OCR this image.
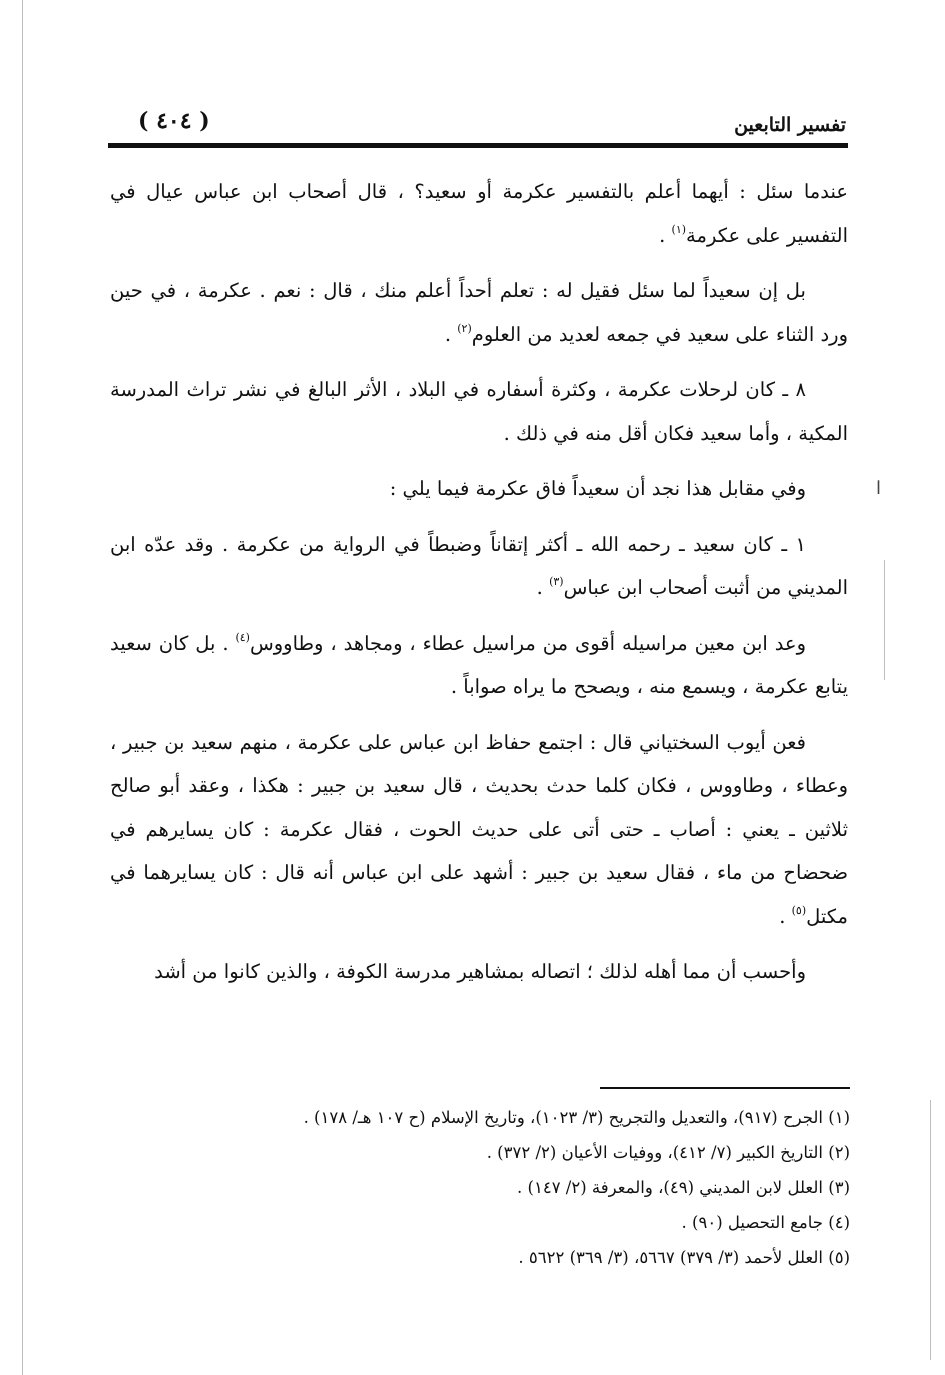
ا
تفسير التابعين
( ٤٠٤ )

عندما سئل : أيهما أعلم بالتفسير عكرمة أو سعيد؟ ، قال أصحاب ابن عباس عيال في التفسير على عكرمة$^{(١)}$ .

بل إن سعيداً لما سئل فقيل له : تعلم أحداً أعلم منك ، قال : نعم . عكرمة ، في حين ورد الثناء على سعيد في جمعه لعديد من العلوم$^{(٢)}$ .

٨ ـ كان لرحلات عكرمة ، وكثرة أسفاره في البلاد ، الأثر البالغ في نشر تراث المدرسة المكية ، وأما سعيد فكان أقل منه في ذلك .

وفي مقابل هذا نجد أن سعيداً فاق عكرمة فيما يلي :

١ ـ كان سعيد ـ رحمه الله ـ أكثر إتقاناً وضبطاً في الرواية من عكرمة . وقد عدّه ابن المديني من أثبت أصحاب ابن عباس$^{(٣)}$ .

وعد ابن معين مراسيله أقوى من مراسيل عطاء ، ومجاهد ، وطاووس$^{(٤)}$ . بل كان سعيد يتابع عكرمة ، ويسمع منه ، ويصحح ما يراه صواباً .

فعن أيوب السختياني قال : اجتمع حفاظ ابن عباس على عكرمة ، منهم سعيد بن جبير ، وعطاء ، وطاووس ، فكان كلما حدث بحديث ، قال سعيد بن جبير : هكذا ، وعقد أبو صالح ثلاثين ـ يعني : أصاب ـ حتى أتى على حديث الحوت ، فقال عكرمة : كان يسايرهم في ضحضاح من ماء ، فقال سعيد بن جبير : أشهد على ابن عباس أنه قال : كان يسايرهما في مكتل$^{(٥)}$ .

وأحسب أن مما أهله لذلك ؛ اتصاله بمشاهير مدرسة الكوفة ، والذين كانوا من أشد

(١) الجرح (٩١٧)، والتعديل والتجريح (٣/ ١٠٢٣)، وتاريخ الإسلام (ح ١٠٧ هـ/ ١٧٨) .
(٢) التاريخ الكبير (٧/ ٤١٢)، ووفيات الأعيان (٢/ ٣٧٢) .
(٣) العلل لابن المديني (٤٩)، والمعرفة (٢/ ١٤٧) .
(٤) جامع التحصيل (٩٠) .
(٥) العلل لأحمد (٣/ ٣٧٩) ٥٦٦٧، (٣/ ٣٦٩) ٥٦٢٢ .
